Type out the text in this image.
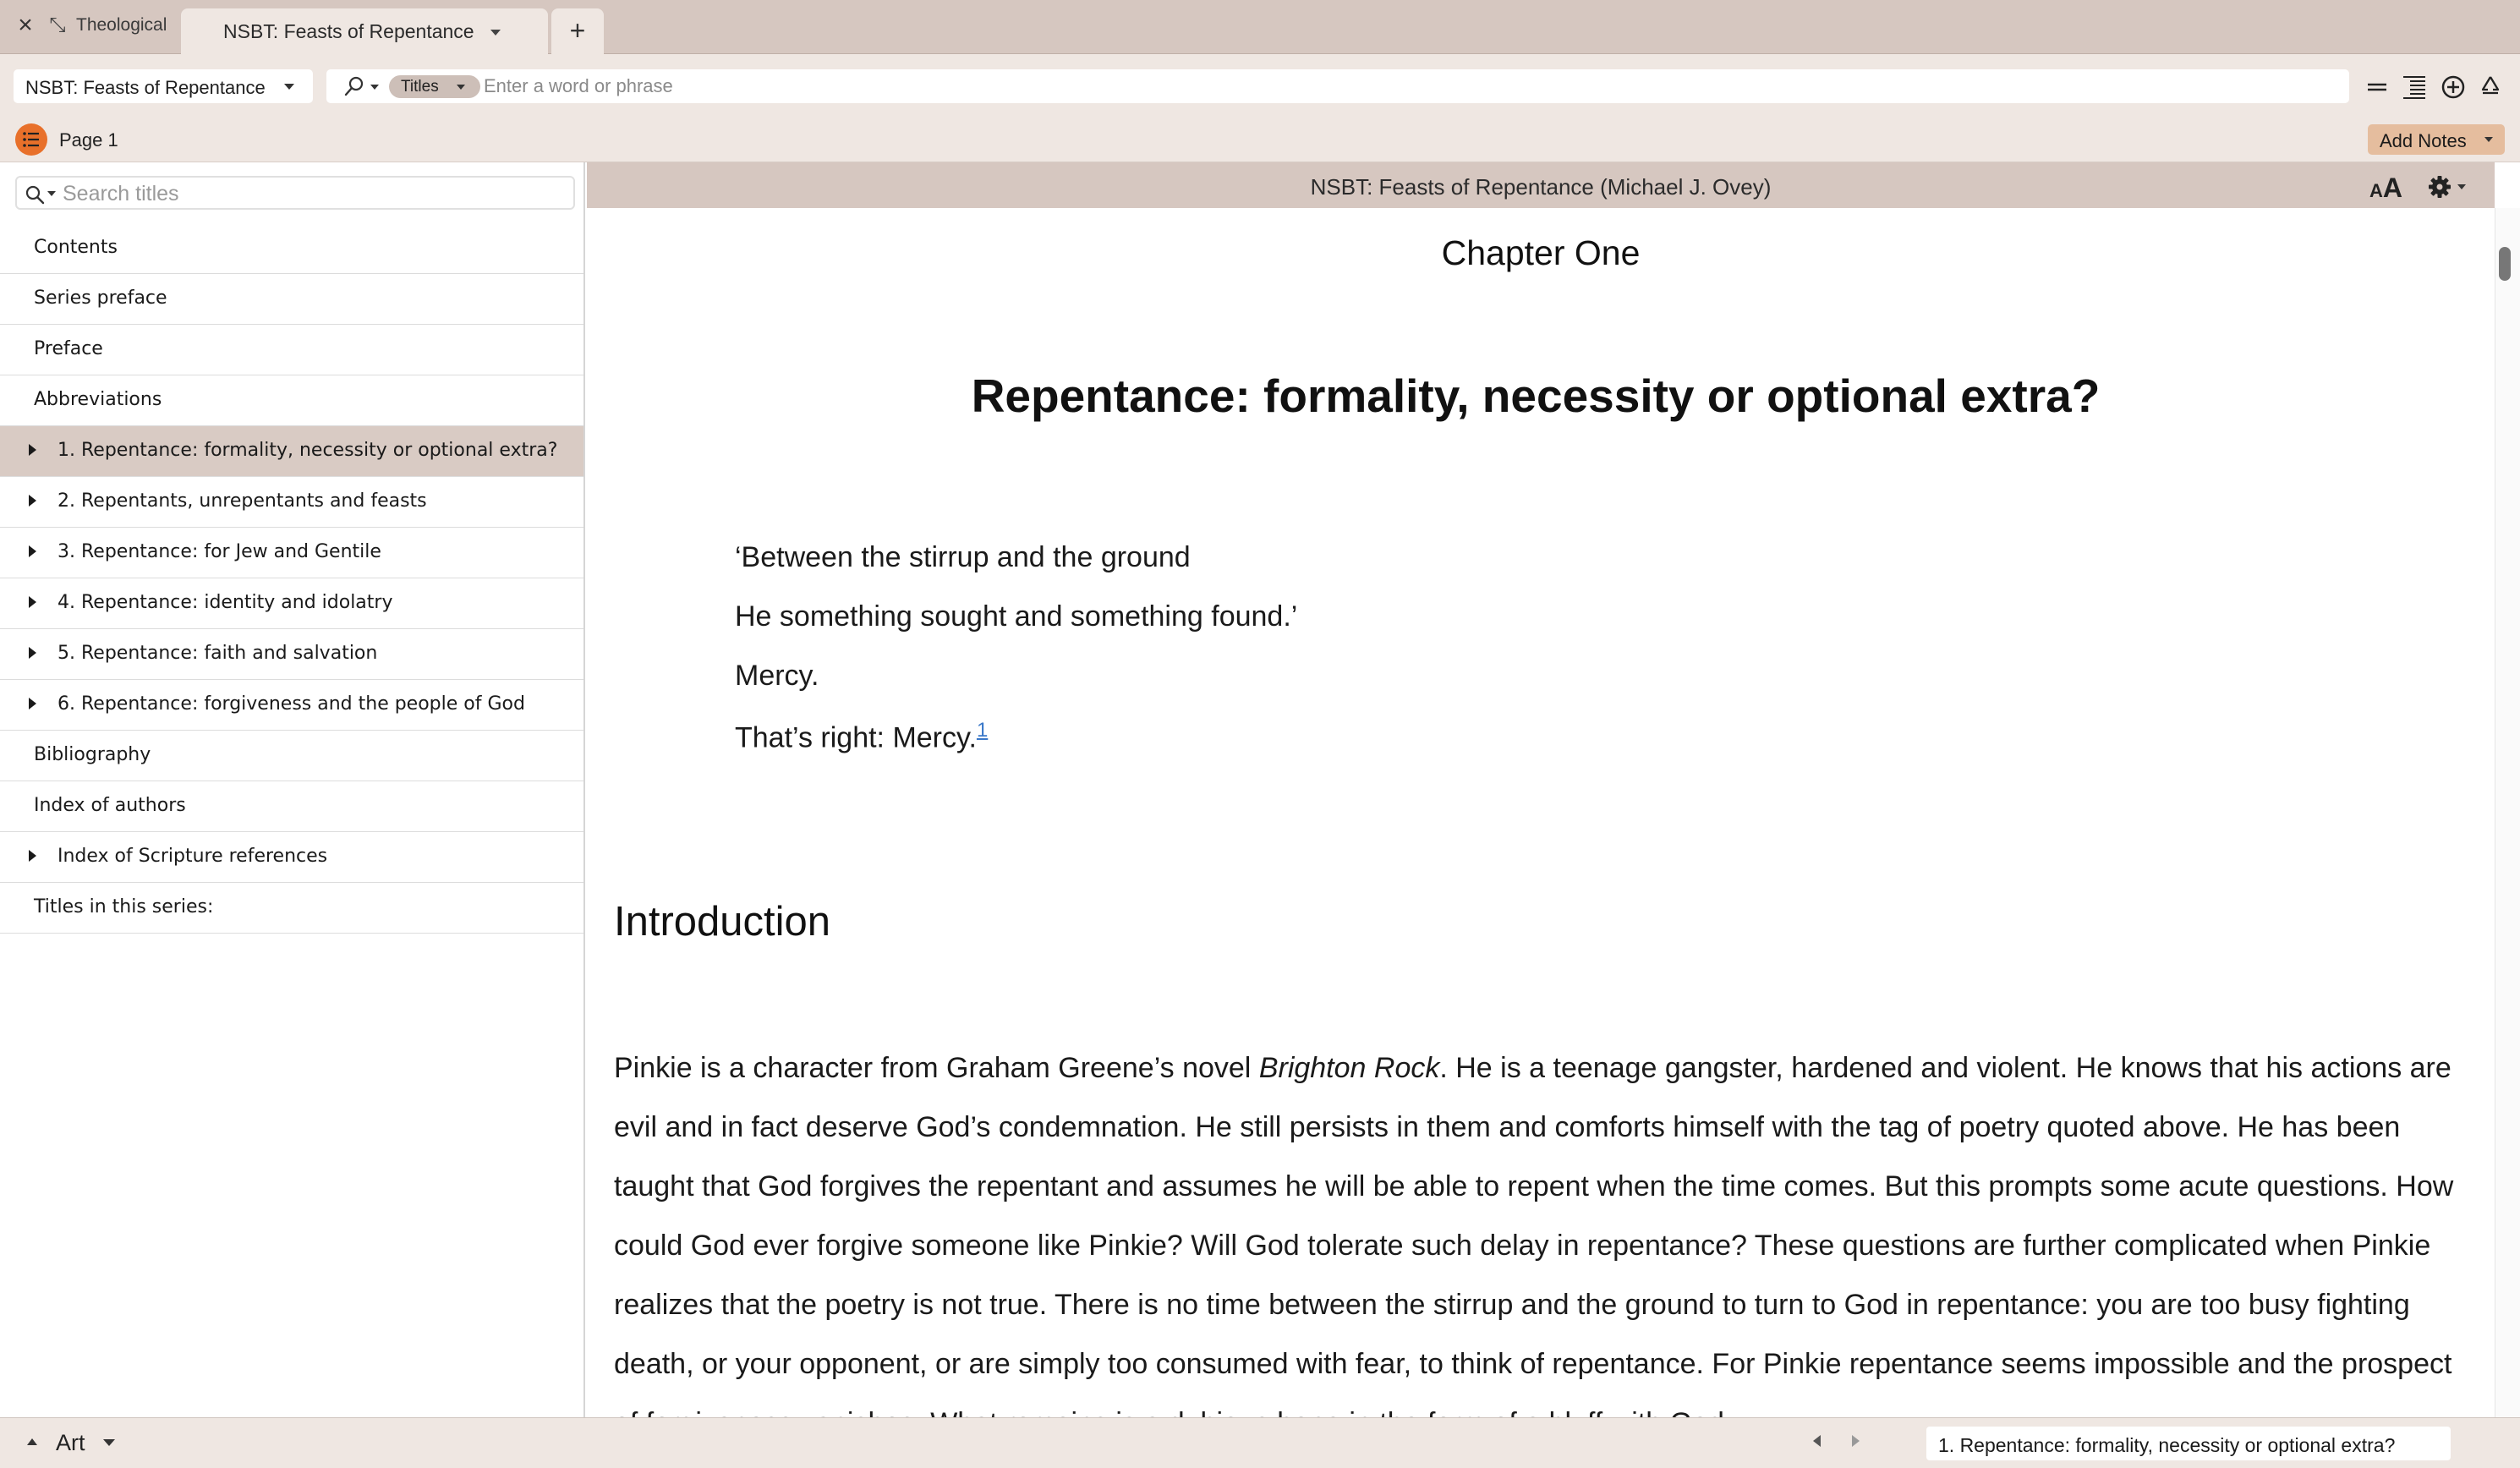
× ⤡ Theological	NSBT: Feasts of Repentance	+
NSBT: Feasts of Repentance	Titles
Enter a word or phrase
Page 1	Add Notes
Search titles
Contents
Series preface
Preface
Abbreviations
1. Repentance: formality, necessity or optional extra?
2. Repentants, unrepentants and feasts
3. Repentance: for Jew and Gentile
4. Repentance: identity and idolatry
5. Repentance: faith and salvation
6. Repentance: forgiveness and the people of God
Bibliography
Index of authors
Index of Scripture references
Titles in this series:
NSBT: Feasts of Repentance (Michael J. Ovey)	AA
Chapter One
Repentance: formality, necessity or optional extra?
‘Between the stirrup and the ground
He something sought and something found.’
Mercy.
That’s right: Mercy.$^1$
Introduction
Pinkie is a character from Graham Greene’s novel Brighton Rock. He is a teenage gangster, hardened and violent. He knows that his actions are evil and in fact deserve God’s condemnation. He still persists in them and comforts himself with the tag of poetry quoted above. He has been taught that God forgives the repentant and assumes he will be able to repent when the time comes. But this prompts some acute questions. How could God ever forgive someone like Pinkie? Will God tolerate such delay in repentance? These questions are further complicated when Pinkie realizes that the poetry is not true. There is no time between the stirrup and the ground to turn to God in repentance: you are too busy fighting death, or your opponent, or are simply too consumed with fear, to think of repentance. For Pinkie repentance seems impossible and the prospect
Art	1. Repentance: formality, necessity or optional extra?
